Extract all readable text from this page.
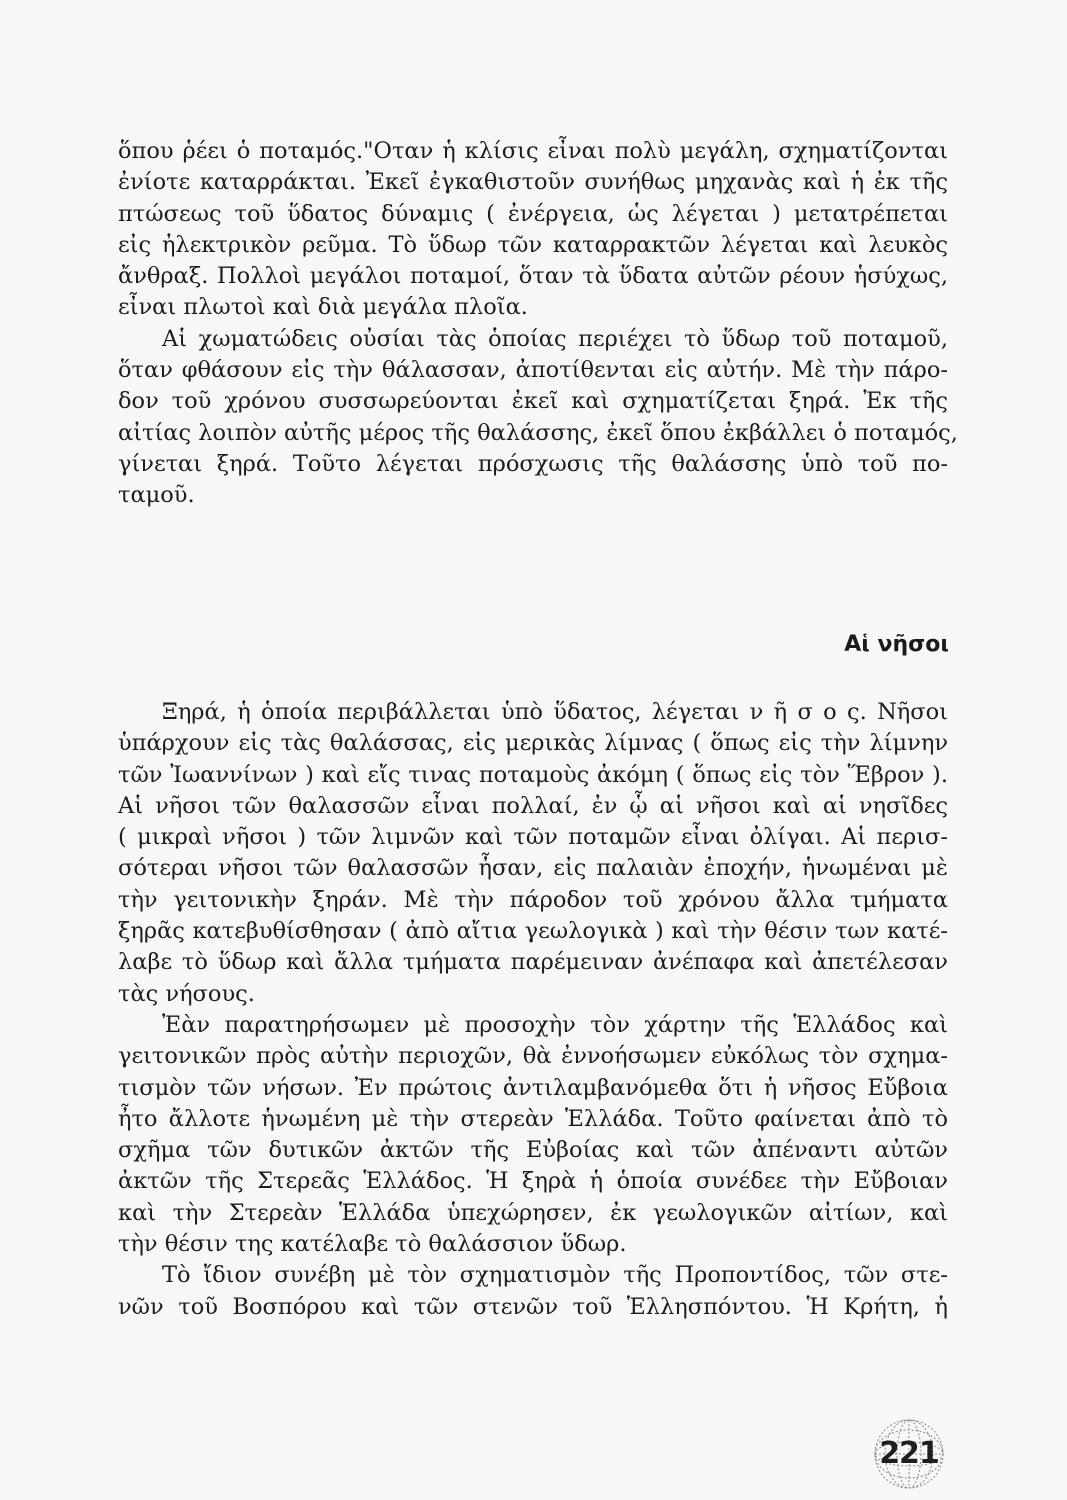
ὅπου ῥέει ὁ ποταμός."Οταν ἡ κλίσις εἶναι πολὺ μεγάλη, σχηματίζονται
ἐνίοτε καταρράκται. Ἐκεῖ ἐγκαθιστοῦν συνήθως μηχανὰς καὶ ἡ ἐκ τῆς
πτώσεως τοῦ ὕδατος δύναμις ( ἐνέργεια, ὡς λέγεται ) μετατρέπεται
εἰς ἠλεκτρικὸν ρεῦμα. Τὸ ὕδωρ τῶν καταρρακτῶν λέγεται καὶ λευκὸς
ἄνθραξ. Πολλοὶ μεγάλοι ποταμοί, ὅταν τὰ ὕδατα αὐτῶν ρέουν ἡσύχως,
εἶναι πλωτοὶ καὶ διὰ μεγάλα πλοῖα.
Αἱ χωματώδεις οὐσίαι τὰς ὁποίας περιέχει τὸ ὕδωρ τοῦ ποταμοῦ,
ὅταν φθάσουν εἰς τὴν θάλασσαν, ἀποτίθενται εἰς αὐτήν. Μὲ τὴν πάρο-
δον τοῦ χρόνου συσσωρεύονται ἐκεῖ καὶ σχηματίζεται ξηρά. Ἐκ τῆς
αἰτίας λοιπὸν αὐτῆς μέρος τῆς θαλάσσης, ἐκεῖ ὅπου ἐκβάλλει ὁ ποταμός,
γίνεται ξηρά. Τοῦτο λέγεται πρόσχωσις τῆς θαλάσσης ὑπὸ τοῦ πο-
ταμοῦ.
Αἱ νῆσοι
Ξηρά, ἡ ὁποία περιβάλλεται ὑπὸ ὕδατος, λέγεται ν ῆ σ ο ς. Νῆσοι
ὑπάρχουν εἰς τὰς θαλάσσας, εἰς μερικὰς λίμνας ( ὅπως εἰς τὴν λίμνην
τῶν Ἰωαννίνων ) καὶ εἴς τινας ποταμοὺς ἀκόμη ( ὅπως εἰς τὸν Ἕβρον ).
Αἱ νῆσοι τῶν θαλασσῶν εἶναι πολλαί, ἐν ᾧ αἱ νῆσοι καὶ αἱ νησῖδες
( μικραὶ νῆσοι ) τῶν λιμνῶν καὶ τῶν ποταμῶν εἶναι ὀλίγαι. Αἱ περισ-
σότεραι νῆσοι τῶν θαλασσῶν ἦσαν, εἰς παλαιὰν ἐποχήν, ἡνωμέναι μὲ
τὴν γειτονικὴν ξηράν. Μὲ τὴν πάροδον τοῦ χρόνου ἄλλα τμήματα
ξηρᾶς κατεβυθίσθησαν ( ἀπὸ αἴτια γεωλογικὰ ) καὶ τὴν θέσιν των κατέ-
λαβε τὸ ὕδωρ καὶ ἄλλα τμήματα παρέμειναν ἀνέπαφα καὶ ἀπετέλεσαν
τὰς νήσους.
Ἐὰν παρατηρήσωμεν μὲ προσοχὴν τὸν χάρτην τῆς Ἑλλάδος καὶ
γειτονικῶν πρὸς αὐτὴν περιοχῶν, θὰ ἐννοήσωμεν εὐκόλως τὸν σχημα-
τισμὸν τῶν νήσων. Ἐν πρώτοις ἀντιλαμβανόμεθα ὅτι ἡ νῆσος Εὔβοια
ἦτο ἄλλοτε ἡνωμένη μὲ τὴν στερεὰν Ἑλλάδα. Τοῦτο φαίνεται ἀπὸ τὸ
σχῆμα τῶν δυτικῶν ἀκτῶν τῆς Εὐβοίας καὶ τῶν ἀπέναντι αὐτῶν
ἀκτῶν τῆς Στερεᾶς Ἑλλάδος. Ἡ ξηρὰ ἡ ὁποία συνέδεε τὴν Εὔβοιαν
καὶ τὴν Στερεὰν Ἑλλάδα ὑπεχώρησεν, ἐκ γεωλογικῶν αἰτίων, καὶ
τὴν θέσιν της κατέλαβε τὸ θαλάσσιον ὕδωρ.
Τὸ ἴδιον συνέβη μὲ τὸν σχηματισμὸν τῆς Προποντίδος, τῶν στε-
νῶν τοῦ Βοσπόρου καὶ τῶν στενῶν τοῦ Ἑλλησπόντου. Ἡ Κρήτη, ἡ
221
